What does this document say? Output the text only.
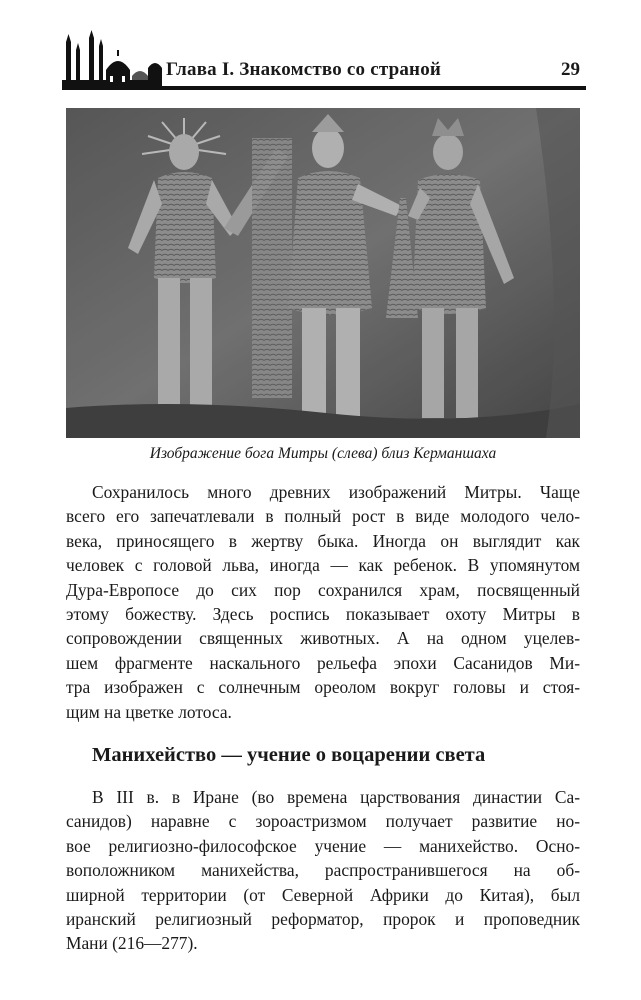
Глава I. Знакомство со страной	29
Изображение бога Митры (слева) близ Керманшаха
Сохранилось много древних изображений Митры. Чаще
всего его запечатлевали в полный рост в виде молодого чело-
века, приносящего в жертву быка. Иногда он выглядит как
человек с головой льва, иногда — как ребенок. В упомянутом
Дура-Европосе до сих пор сохранился храм, посвященный
этому божеству. Здесь роспись показывает охоту Митры в
сопровождении священных животных. А на одном уцелев-
шем фрагменте наскального рельефа эпохи Сасанидов Ми-
тра изображен с солнечным ореолом вокруг головы и стоя-
щим на цветке лотоса.
Манихейство — учение о воцарении света
В III в. в Иране (во времена царствования династии Са-
санидов) наравне с зороастризмом получает развитие но-
вое религиозно-философское учение — манихейство. Осно-
воположником манихейства, распространившегося на об-
ширной территории (от Северной Африки до Китая), был
иранский религиозный реформатор, пророк и проповедник
Мани (216—277).
